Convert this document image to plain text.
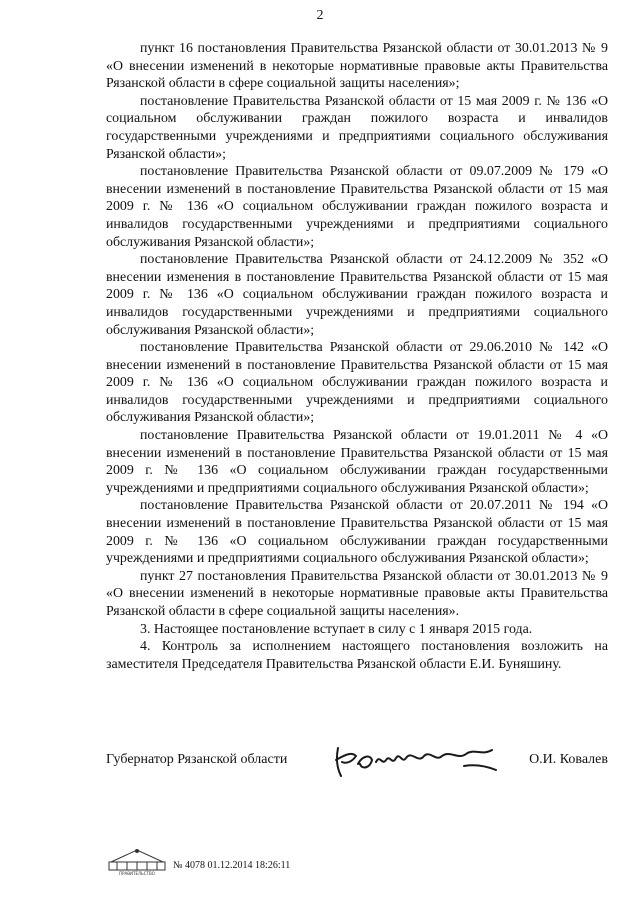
2

пункт 16 постановления Правительства Рязанской области от 30.01.2013 № 9 «О внесении изменений в некоторые нормативные правовые акты Правительства Рязанской области в сфере социальной защиты населения»;

постановление Правительства Рязанской области от 15 мая 2009 г. № 136 «О социальном обслуживании граждан пожилого возраста и инвалидов государственными учреждениями и предприятиями социального обслуживания Рязанской области»;

постановление Правительства Рязанской области от 09.07.2009 № 179 «О внесении изменений в постановление Правительства Рязанской области от 15 мая 2009 г. № 136 «О социальном обслуживании граждан пожилого возраста и инвалидов государственными учреждениями и предприятиями социального обслуживания Рязанской области»;

постановление Правительства Рязанской области от 24.12.2009 № 352 «О внесении изменения в постановление Правительства Рязанской области от 15 мая 2009 г. № 136 «О социальном обслуживании граждан пожилого возраста и инвалидов государственными учреждениями и предприятиями социального обслуживания Рязанской области»;

постановление Правительства Рязанской области от 29.06.2010 № 142 «О внесении изменений в постановление Правительства Рязанской области от 15 мая 2009 г. № 136 «О социальном обслуживании граждан пожилого возраста и инвалидов государственными учреждениями и предприятиями социального обслуживания Рязанской области»;

постановление Правительства Рязанской области от 19.01.2011 № 4 «О внесении изменений в постановление Правительства Рязанской области от 15 мая 2009 г. № 136 «О социальном обслуживании граждан государственными учреждениями и предприятиями социального обслуживания Рязанской области»;

постановление Правительства Рязанской области от 20.07.2011 № 194 «О внесении изменений в постановление Правительства Рязанской области от 15 мая 2009 г. № 136 «О социальном обслуживании граждан государственными учреждениями и предприятиями социального обслуживания Рязанской области»;

пункт 27 постановления Правительства Рязанской области от 30.01.2013 № 9 «О внесении изменений в некоторые нормативные правовые акты Правительства Рязанской области в сфере социальной защиты населения».

3. Настоящее постановление вступает в силу с 1 января 2015 года.

4. Контроль за исполнением настоящего постановления возложить на заместителя Председателя Правительства Рязанской области Е.И. Буняшину.

Губернатор Рязанской области	О.И. Ковалев
ПРАВИТЕЛЬСТВО
№ 4078 01.12.2014 18:26:11
